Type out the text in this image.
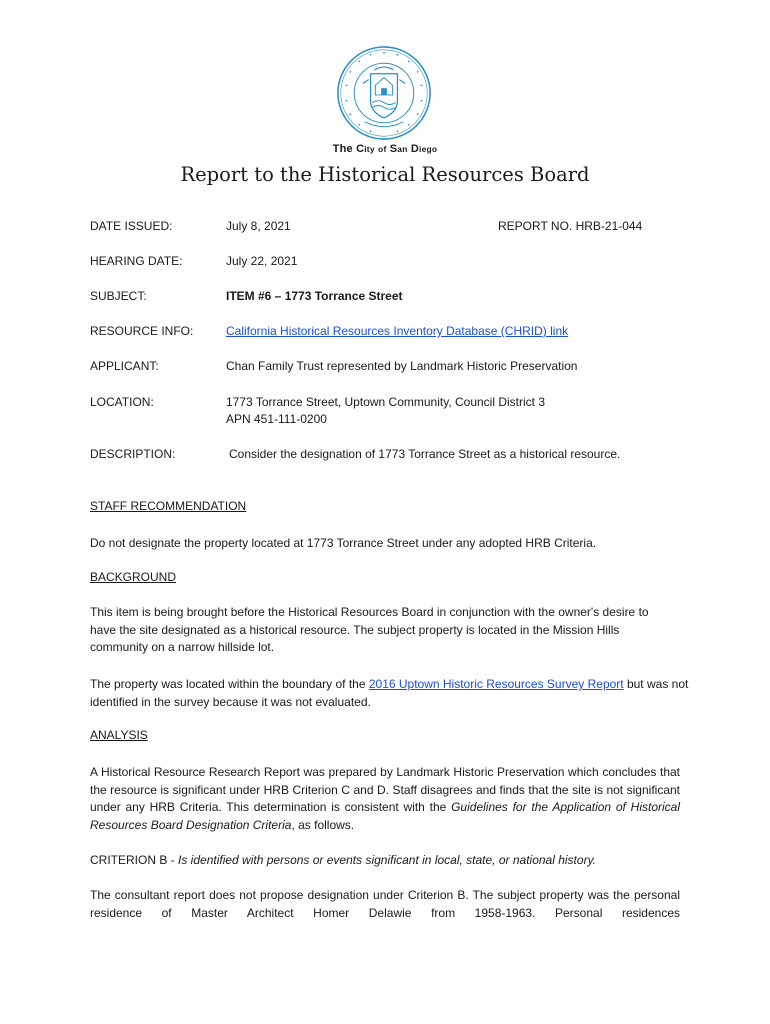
The City of San Diego
Report to the Historical Resources Board
DATE ISSUED:	July 8, 2021	REPORT NO. HRB-21-044
HEARING DATE:	July 22, 2021
SUBJECT:	ITEM #6 – 1773 Torrance Street
RESOURCE INFO:	California Historical Resources Inventory Database (CHRID) link
APPLICANT:	Chan Family Trust represented by Landmark Historic Preservation
LOCATION:	1773 Torrance Street, Uptown Community, Council District 3
APN 451-111-0200
DESCRIPTION:	Consider the designation of 1773 Torrance Street as a historical resource.
STAFF RECOMMENDATION

Do not designate the property located at 1773 Torrance Street under any adopted HRB Criteria.

BACKGROUND

This item is being brought before the Historical Resources Board in conjunction with the owner's desire to have the site designated as a historical resource. The subject property is located in the Mission Hills community on a narrow hillside lot.

The property was located within the boundary of the 2016 Uptown Historic Resources Survey Report but was not identified in the survey because it was not evaluated.

ANALYSIS

A Historical Resource Research Report was prepared by Landmark Historic Preservation which concludes that the resource is significant under HRB Criterion C and D. Staff disagrees and finds that the site is not significant under any HRB Criteria. This determination is consistent with the Guidelines for the Application of Historical Resources Board Designation Criteria, as follows.

CRITERION B - Is identified with persons or events significant in local, state, or national history.

The consultant report does not propose designation under Criterion B. The subject property was the personal residence of Master Architect Homer Delawie from 1958-1963. Personal residences
